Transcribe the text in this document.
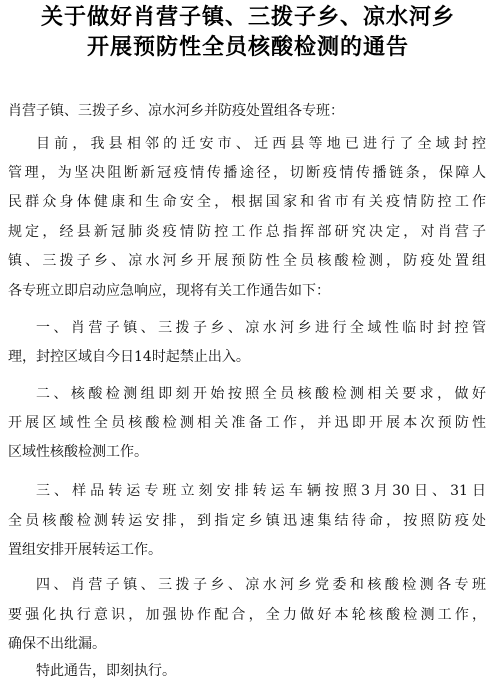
关于做好肖营子镇、三拨子乡、凉水河乡
开展预防性全员核酸检测的通告
肖营子镇、三拨子乡、凉水河乡并防疫处置组各专班：
目前，我县相邻的迁安市、迁西县等地已进行了全域封控
管理，为坚决阻断新冠疫情传播途径，切断疫情传播链条，保障人
民群众身体健康和生命安全，根据国家和省市有关疫情防控工作
规定，经县新冠肺炎疫情防控工作总指挥部研究决定，对肖营子
镇、三拨子乡、凉水河乡开展预防性全员核酸检测，防疫处置组
各专班立即启动应急响应，现将有关工作通告如下：
一、肖营子镇、三拨子乡、凉水河乡进行全域性临时封控管
理，封控区域自今日14时起禁止出入。
二、核酸检测组即刻开始按照全员核酸检测相关要求，做好
开展区域性全员核酸检测相关准备工作，并迅即开展本次预防性
区域性核酸检测工作。
三、样品转运专班立刻安排转运车辆按照3月30日、31日
全员核酸检测转运安排，到指定乡镇迅速集结待命，按照防疫处
置组安排开展转运工作。
四、肖营子镇、三拨子乡、凉水河乡党委和核酸检测各专班
要强化执行意识，加强协作配合，全力做好本轮核酸检测工作，
确保不出纰漏。
特此通告，即刻执行。
